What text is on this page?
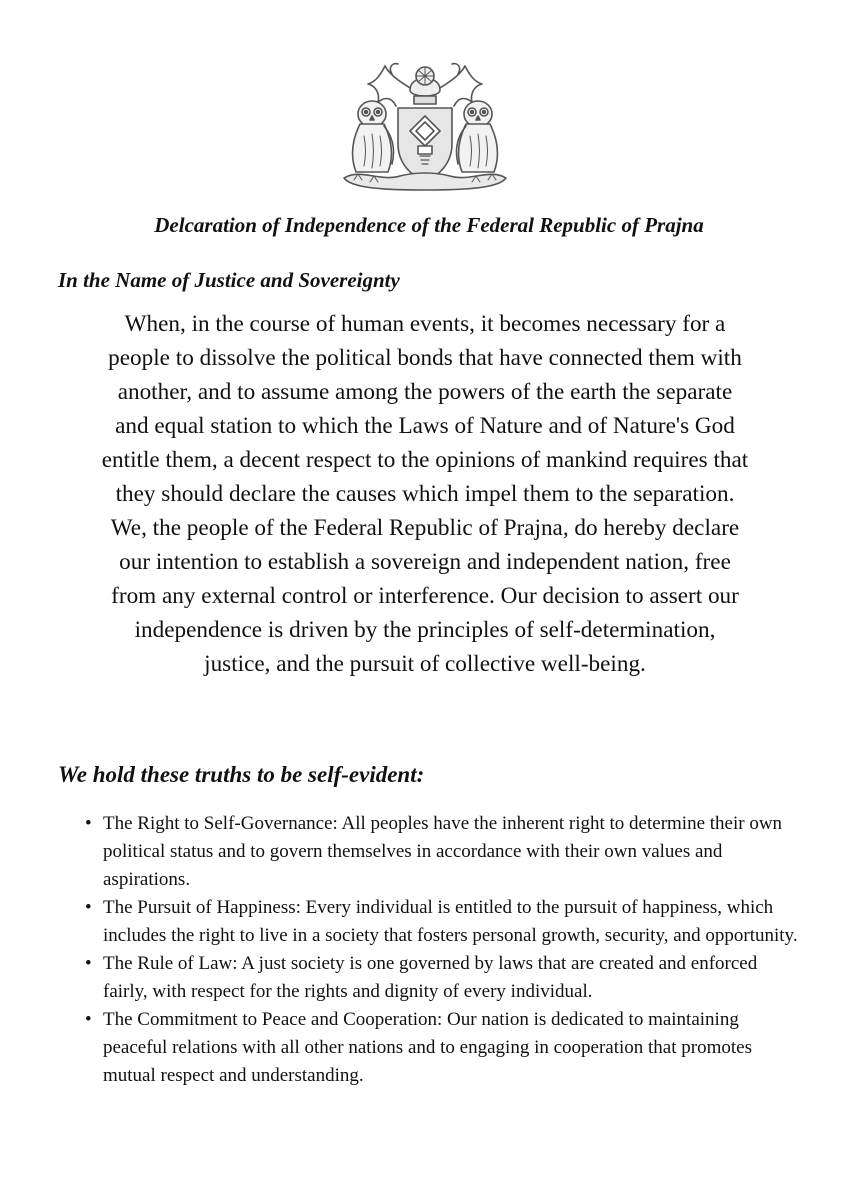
Delcaration of Independence of the Federal Republic of Prajna
In the Name of Justice and Sovereignty

When, in the course of human events, it becomes necessary for a people to dissolve the political bonds that have connected them with another, and to assume among the powers of the earth the separate and equal station to which the Laws of Nature and of Nature's God entitle them, a decent respect to the opinions of mankind requires that they should declare the causes which impel them to the separation.

We, the people of the Federal Republic of Prajna, do hereby declare our intention to establish a sovereign and independent nation, free from any external control or interference. Our decision to assert our independence is driven by the principles of self-determination, justice, and the pursuit of collective well-being.

We hold these truths to be self-evident:
• The Right to Self-Governance: All peoples have the inherent right to determine their own political status and to govern themselves in accordance with their own values and aspirations.
• The Pursuit of Happiness: Every individual is entitled to the pursuit of happiness, which includes the right to live in a society that fosters personal growth, security, and opportunity.
• The Rule of Law: A just society is one governed by laws that are created and enforced fairly, with respect for the rights and dignity of every individual.
• The Commitment to Peace and Cooperation: Our nation is dedicated to maintaining peaceful relations with all other nations and to engaging in cooperation that promotes mutual respect and understanding.
